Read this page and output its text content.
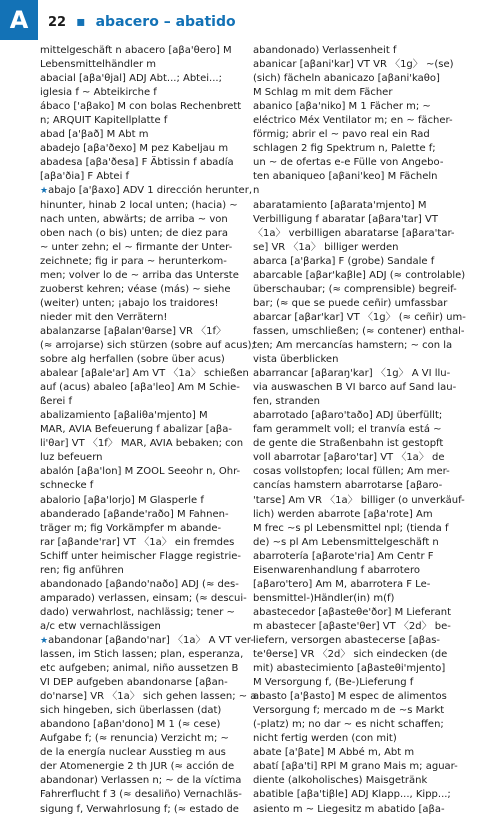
A	22 ▪ abacero – abatido
mittelgeschäft n abacero [aβa'θero] M
Lebensmittelhändler m
abacial [aβa'θjal] ADJ Abt...; Abtei...;
iglesia f ~ Abteikirche f
ábaco ['aβako] M con bolas Rechenbrett
n; ARQUIT Kapitellplatte f
abad [a'βað] M Abt m
abadejo [aβa'ðexo] M pez Kabeljau m
abadesa [aβa'ðesa] F Äbtissin f abadía
[aβa'ðia] F Abtei f
★abajo [a'βaxo] ADV 1 dirección herunter,
hinunter, hinab 2 local unten; (hacia) ~
nach unten, abwärts; de arriba ~ von
oben nach (o bis) unten; de diez para
~ unter zehn; el ~ firmante der Unter-
zeichnete; fig ir para ~ herunterkom-
men; volver lo de ~ arriba das Unterste
zuoberst kehren; véase (más) ~ siehe
(weiter) unten; ¡abajo los traidores!
nieder mit den Verrätern!
abalanzarse [aβalan'θarse] VR 〈1f〉
(≈ arrojarse) sich stürzen (sobre auf acus);
sobre alg herfallen (sobre über acus)
abalear [aβale'ar] Am VT 〈1a〉 schießen
auf (acus) abaleo [aβa'leo] Am M Schie-
ßerei f
abalizamiento [aβaliθa'mjento] M
MAR, AVIA Befeuerung f abalizar [aβa-
li'θar] VT 〈1f〉 MAR, AVIA bebaken; con
luz befeuern
abalón [aβa'lon] M ZOOL Seeohr n, Ohr-
schnecke f
abalorio [aβa'lorjo] M Glasperle f
abanderado [aβande'raðo] M Fahnen-
träger m; fig Vorkämpfer m abande-
rar [aβande'rar] VT 〈1a〉 ein fremdes
Schiff unter heimischer Flagge registrie-
ren; fig anführen
abandonado [aβando'naðo] ADJ (≈ des-
amparado) verlassen, einsam; (≈ descui-
dado) verwahrlost, nachlässig; tener ~
a/c etw vernachlässigen
★abandonar [aβando'nar] 〈1a〉 A VT ver-
lassen, im Stich lassen; plan, esperanza,
etc aufgeben; animal, niño aussetzen B
VI DEP aufgeben abandonarse [aβan-
do'narse] VR 〈1a〉 sich gehen lassen; ~ a
sich hingeben, sich überlassen (dat)
abandono [aβan'dono] M 1 (≈ cese)
Aufgabe f; (≈ renuncia) Verzicht m; ~
de la energía nuclear Ausstieg m aus
der Atomenergie 2 th JUR (≈ acción de
abandonar) Verlassen n; ~ de la víctima
Fahrerflucht f 3 (≈ desaliño) Vernachläs-
sigung f, Verwahrlosung f; (≈ estado de
abandonado) Verlassenheit f
abanicar [aβani'kar] VT VR 〈1g〉 ~(se)
(sich) fächeln abanicazo [aβani'kaθo]
M Schlag m mit dem Fächer
abanico [aβa'niko] M 1 Fächer m; ~
eléctrico Méx Ventilator m; en ~ fächer-
förmig; abrir el ~ pavo real ein Rad
schlagen 2 fig Spektrum n, Palette f;
un ~ de ofertas e-e Fülle von Angebo-
ten abaniqueo [aβani'keo] M Fächeln
n
abaratamiento [aβarata'mjento] M
Verbilligung f abaratar [aβara'tar] VT
〈1a〉 verbilligen abaratarse [aβara'tar-
se] VR 〈1a〉 billiger werden
abarca [a'βarka] F (grobe) Sandale f
abarcable [aβar'kaβle] ADJ (≈ controlable)
überschaubar; (≈ comprensible) begreif-
bar; (≈ que se puede ceñir) umfassbar
abarcar [aβar'kar] VT 〈1g〉 (≈ ceñir) um-
fassen, umschließen; (≈ contener) enthal-
ten; Am mercancías hamstern; ~ con la
vista überblicken
abarrancar [aβaraŋ'kar] 〈1g〉 A VI llu-
via auswaschen B VI barco auf Sand lau-
fen, stranden
abarrotado [aβaro'taðo] ADJ überfüllt;
fam gerammelt voll; el tranvía está ~
de gente die Straßenbahn ist gestopft
voll abarrotar [aβaro'tar] VT 〈1a〉 de
cosas vollstopfen; local füllen; Am mer-
cancías hamstern abarrotarse [aβaro-
'tarse] Am VR 〈1a〉 billiger (o unverkäuf-
lich) werden abarrote [aβa'rote] Am
M frec ~s pl Lebensmittel npl; (tienda f
de) ~s pl Am Lebensmittelgeschäft n
abarrotería [aβarote'ria] Am Centr F
Eisenwarenhandlung f abarrotero
[aβaro'tero] Am M, abarrotera F Le-
bensmittel-)Händler(in) m(f)
abastecedor [aβasteθe'ðor] M Lieferant
m abastecer [aβaste'θer] VT 〈2d〉 be-
liefern, versorgen abastecerse [aβas-
te'θerse] VR 〈2d〉 sich eindecken (de
mit) abastecimiento [aβasteθi'mjento]
M Versorgung f, (Be-)Lieferung f
abasto [a'βasto] M espec de alimentos
Versorgung f; mercado m de ~s Markt
(-platz) m; no dar ~ es nicht schaffen;
nicht fertig werden (con mit)
abate [a'βate] M Abbé m, Abt m
abatí [aβa'ti] RPl M grano Mais m; aguar-
diente (alkoholisches) Maisgetränk
abatible [aβa'tiβle] ADJ Klapp..., Kipp...;
asiento m ~ Liegesitz m abatido [aβa-
